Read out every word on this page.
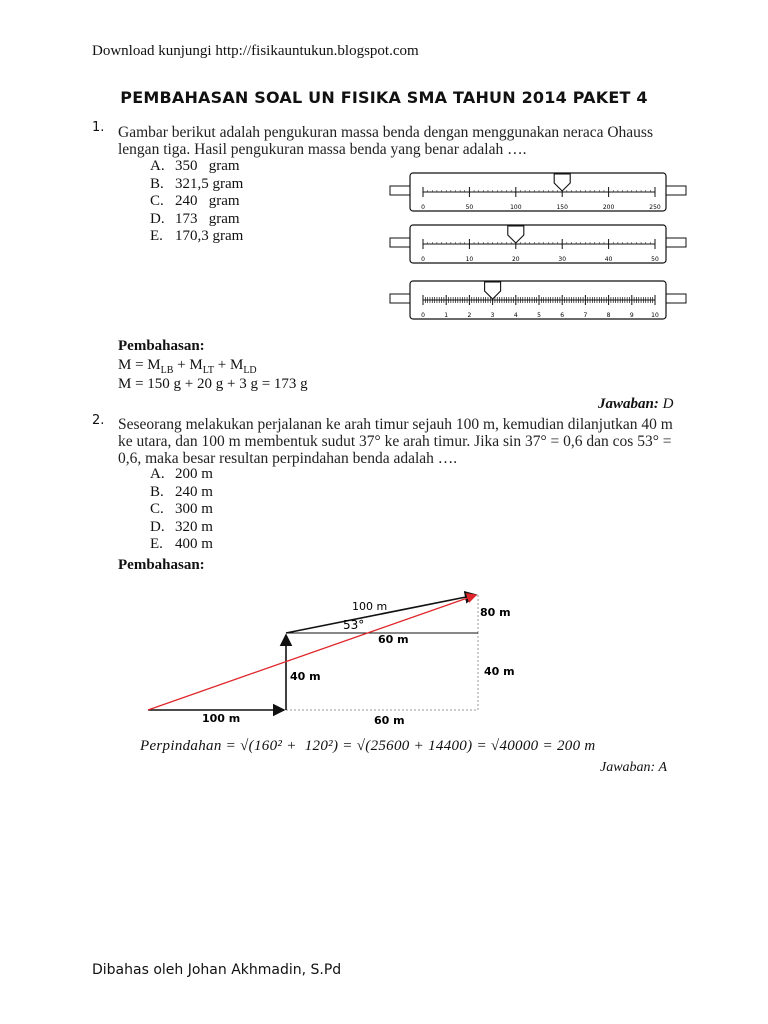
Download kunjungi http://fisikauntukun.blogspot.com
PEMBAHASAN SOAL UN FISIKA SMA TAHUN 2014 PAKET 4
1. Gambar berikut adalah pengukuran massa benda dengan menggunakan neraca Ohauss
lengan tiga. Hasil pengukuran massa benda yang benar adalah ….
A. 350   gram
B. 321,5 gram
C. 240   gram
D. 173   gram
E. 170,3 gram
0	50	100	150	200	250
0	10	20	30	40	50
0	1	2	3	4	5	6	7	8	9	10
Pembahasan:
$M = M_{LB} + M_{LT} + M_{LD}$
M = 150 g + 20 g + 3 g = 173 g
Jawaban: D
2. Seseorang melakukan perjalanan ke arah timur sejauh 100 m, kemudian dilanjutkan 40 m
ke utara, dan 100 m membentuk sudut 37° ke arah timur. Jika sin 37° = 0,6 dan cos 53° =
0,6, maka besar resultan perpindahan benda adalah ….
A. 200 m
B. 240 m
C. 300 m
D. 320 m
E. 400 m
Pembahasan:
100 m
53°
60 m
80 m
40 m	40 m
100 m	60 m
Perpindahan = √(160² +  120²) = √(25600 + 14400) = √40000 = 200 m
Jawaban: A
Dibahas oleh Johan Akhmadin, S.Pd
